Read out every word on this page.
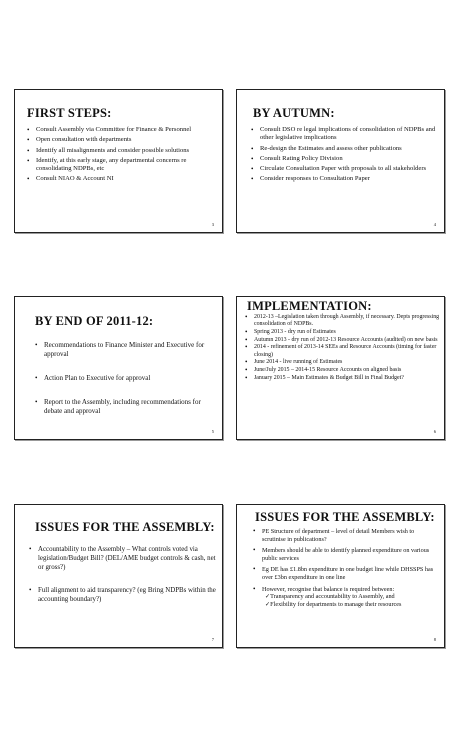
FIRST STEPS:
• Consult Assembly via Committee for Finance & Personnel
• Open consultation with departments
• Identify all misalignments and consider possible solutions
• Identify, at this early stage, any departmental concerns re consolidating NDPBs, etc
• Consult NIAO & Account NI
3
BY AUTUMN:
• Consult DSO re legal implications of consolidation of NDPBs and other legislative implications
• Re-design the Estimates and assess other publications
• Consult Rating Policy Division
• Circulate Consultation Paper with proposals to all stakeholders
• Consider responses to Consultation Paper
4
BY END OF 2011-12:
• Recommendations to Finance Minister and Executive for approval
• Action Plan to Executive for approval
• Report to the Assembly, including recommendations for debate and approval
5
IMPLEMENTATION:
• 2012-13 –Legislation taken through Assembly, if necessary. Depts progressing consolidation of NDPBs.
• Spring 2013 - dry run of Estimates
• Autumn 2013 - dry run of 2012-13 Resource Accounts (audited) on new basis
• 2014 - refinement of 2013-14 SEEs and Resource Accounts (timing for faster closing)
• June 2014 - live running of Estimates
• June/July 2015 – 2014-15 Resource Accounts on aligned basis
• January 2015 – Main Estimates & Budget Bill in Final Budget?
6
ISSUES FOR THE ASSEMBLY:
• Accountability to the Assembly – What controls voted via legislation/Budget Bill? (DEL/AME budget controls & cash, net or gross?)
• Full alignment to aid transparency? (eg Bring NDPBs within the accounting boundary?)
7
ISSUES FOR THE ASSEMBLY:
• PE Structure of department – level of detail Members wish to scrutinise in publications?
• Members should be able to identify planned expenditure on various public services
• Eg DE has £1.8bn expenditure in one budget line while DHSSPS has over £3bn expenditure in one line
• However, recognise that balance is required between:
✓Transparency and accountability to Assembly, and
✓Flexibility for departments to manage their resources
8
